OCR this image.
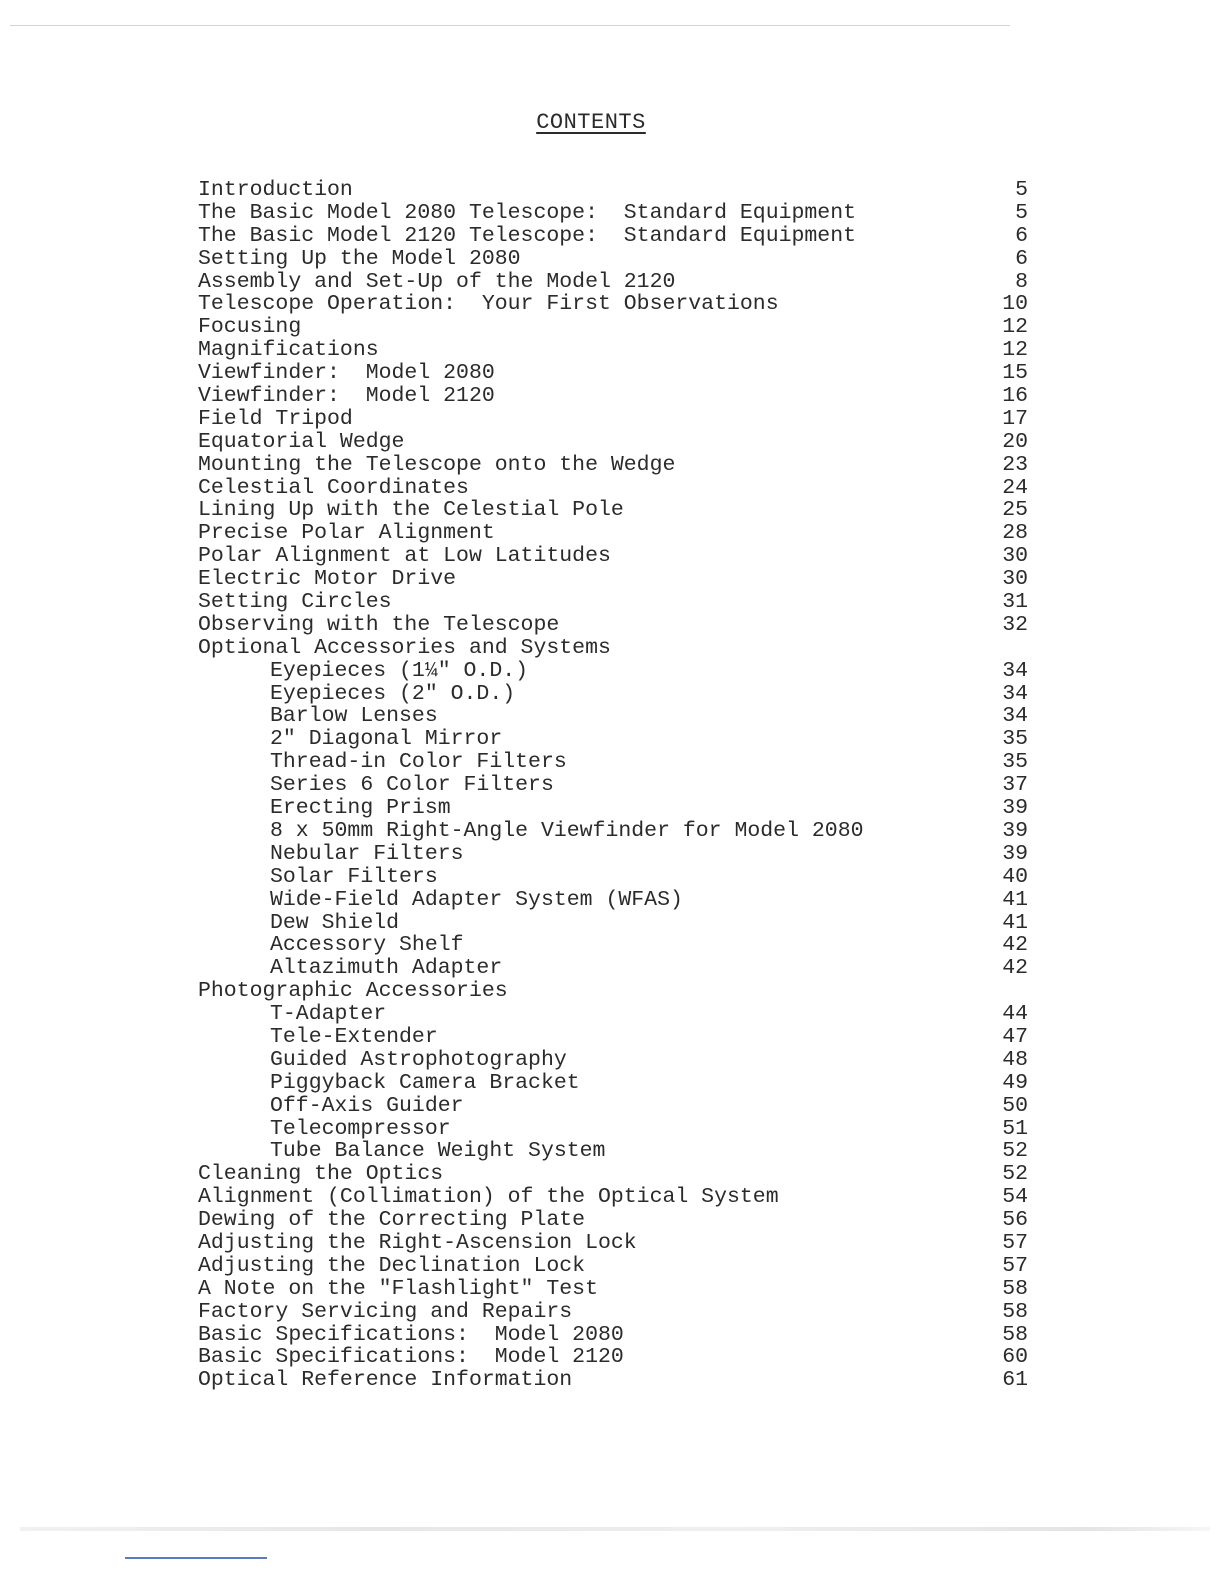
CONTENTS
Introduction	5
The Basic Model 2080 Telescope:  Standard Equipment	5
The Basic Model 2120 Telescope:  Standard Equipment	6
Setting Up the Model 2080	6
Assembly and Set-Up of the Model 2120	8
Telescope Operation:  Your First Observations	10
Focusing	12
Magnifications	12
Viewfinder:  Model 2080	15
Viewfinder:  Model 2120	16
Field Tripod	17
Equatorial Wedge	20
Mounting the Telescope onto the Wedge	23
Celestial Coordinates	24
Lining Up with the Celestial Pole	25
Precise Polar Alignment	28
Polar Alignment at Low Latitudes	30
Electric Motor Drive	30
Setting Circles	31
Observing with the Telescope	32
Optional Accessories and Systems
Eyepieces (1¼" O.D.)	34
Eyepieces (2" O.D.)	34
Barlow Lenses	34
2" Diagonal Mirror	35
Thread-in Color Filters	35
Series 6 Color Filters	37
Erecting Prism	39
8 x 50mm Right-Angle Viewfinder for Model 2080	39
Nebular Filters	39
Solar Filters	40
Wide-Field Adapter System (WFAS)	41
Dew Shield	41
Accessory Shelf	42
Altazimuth Adapter	42
Photographic Accessories
T-Adapter	44
Tele-Extender	47
Guided Astrophotography	48
Piggyback Camera Bracket	49
Off-Axis Guider	50
Telecompressor	51
Tube Balance Weight System	52
Cleaning the Optics	52
Alignment (Collimation) of the Optical System	54
Dewing of the Correcting Plate	56
Adjusting the Right-Ascension Lock	57
Adjusting the Declination Lock	57
A Note on the "Flashlight" Test	58
Factory Servicing and Repairs	58
Basic Specifications:  Model 2080	58
Basic Specifications:  Model 2120	60
Optical Reference Information	61
